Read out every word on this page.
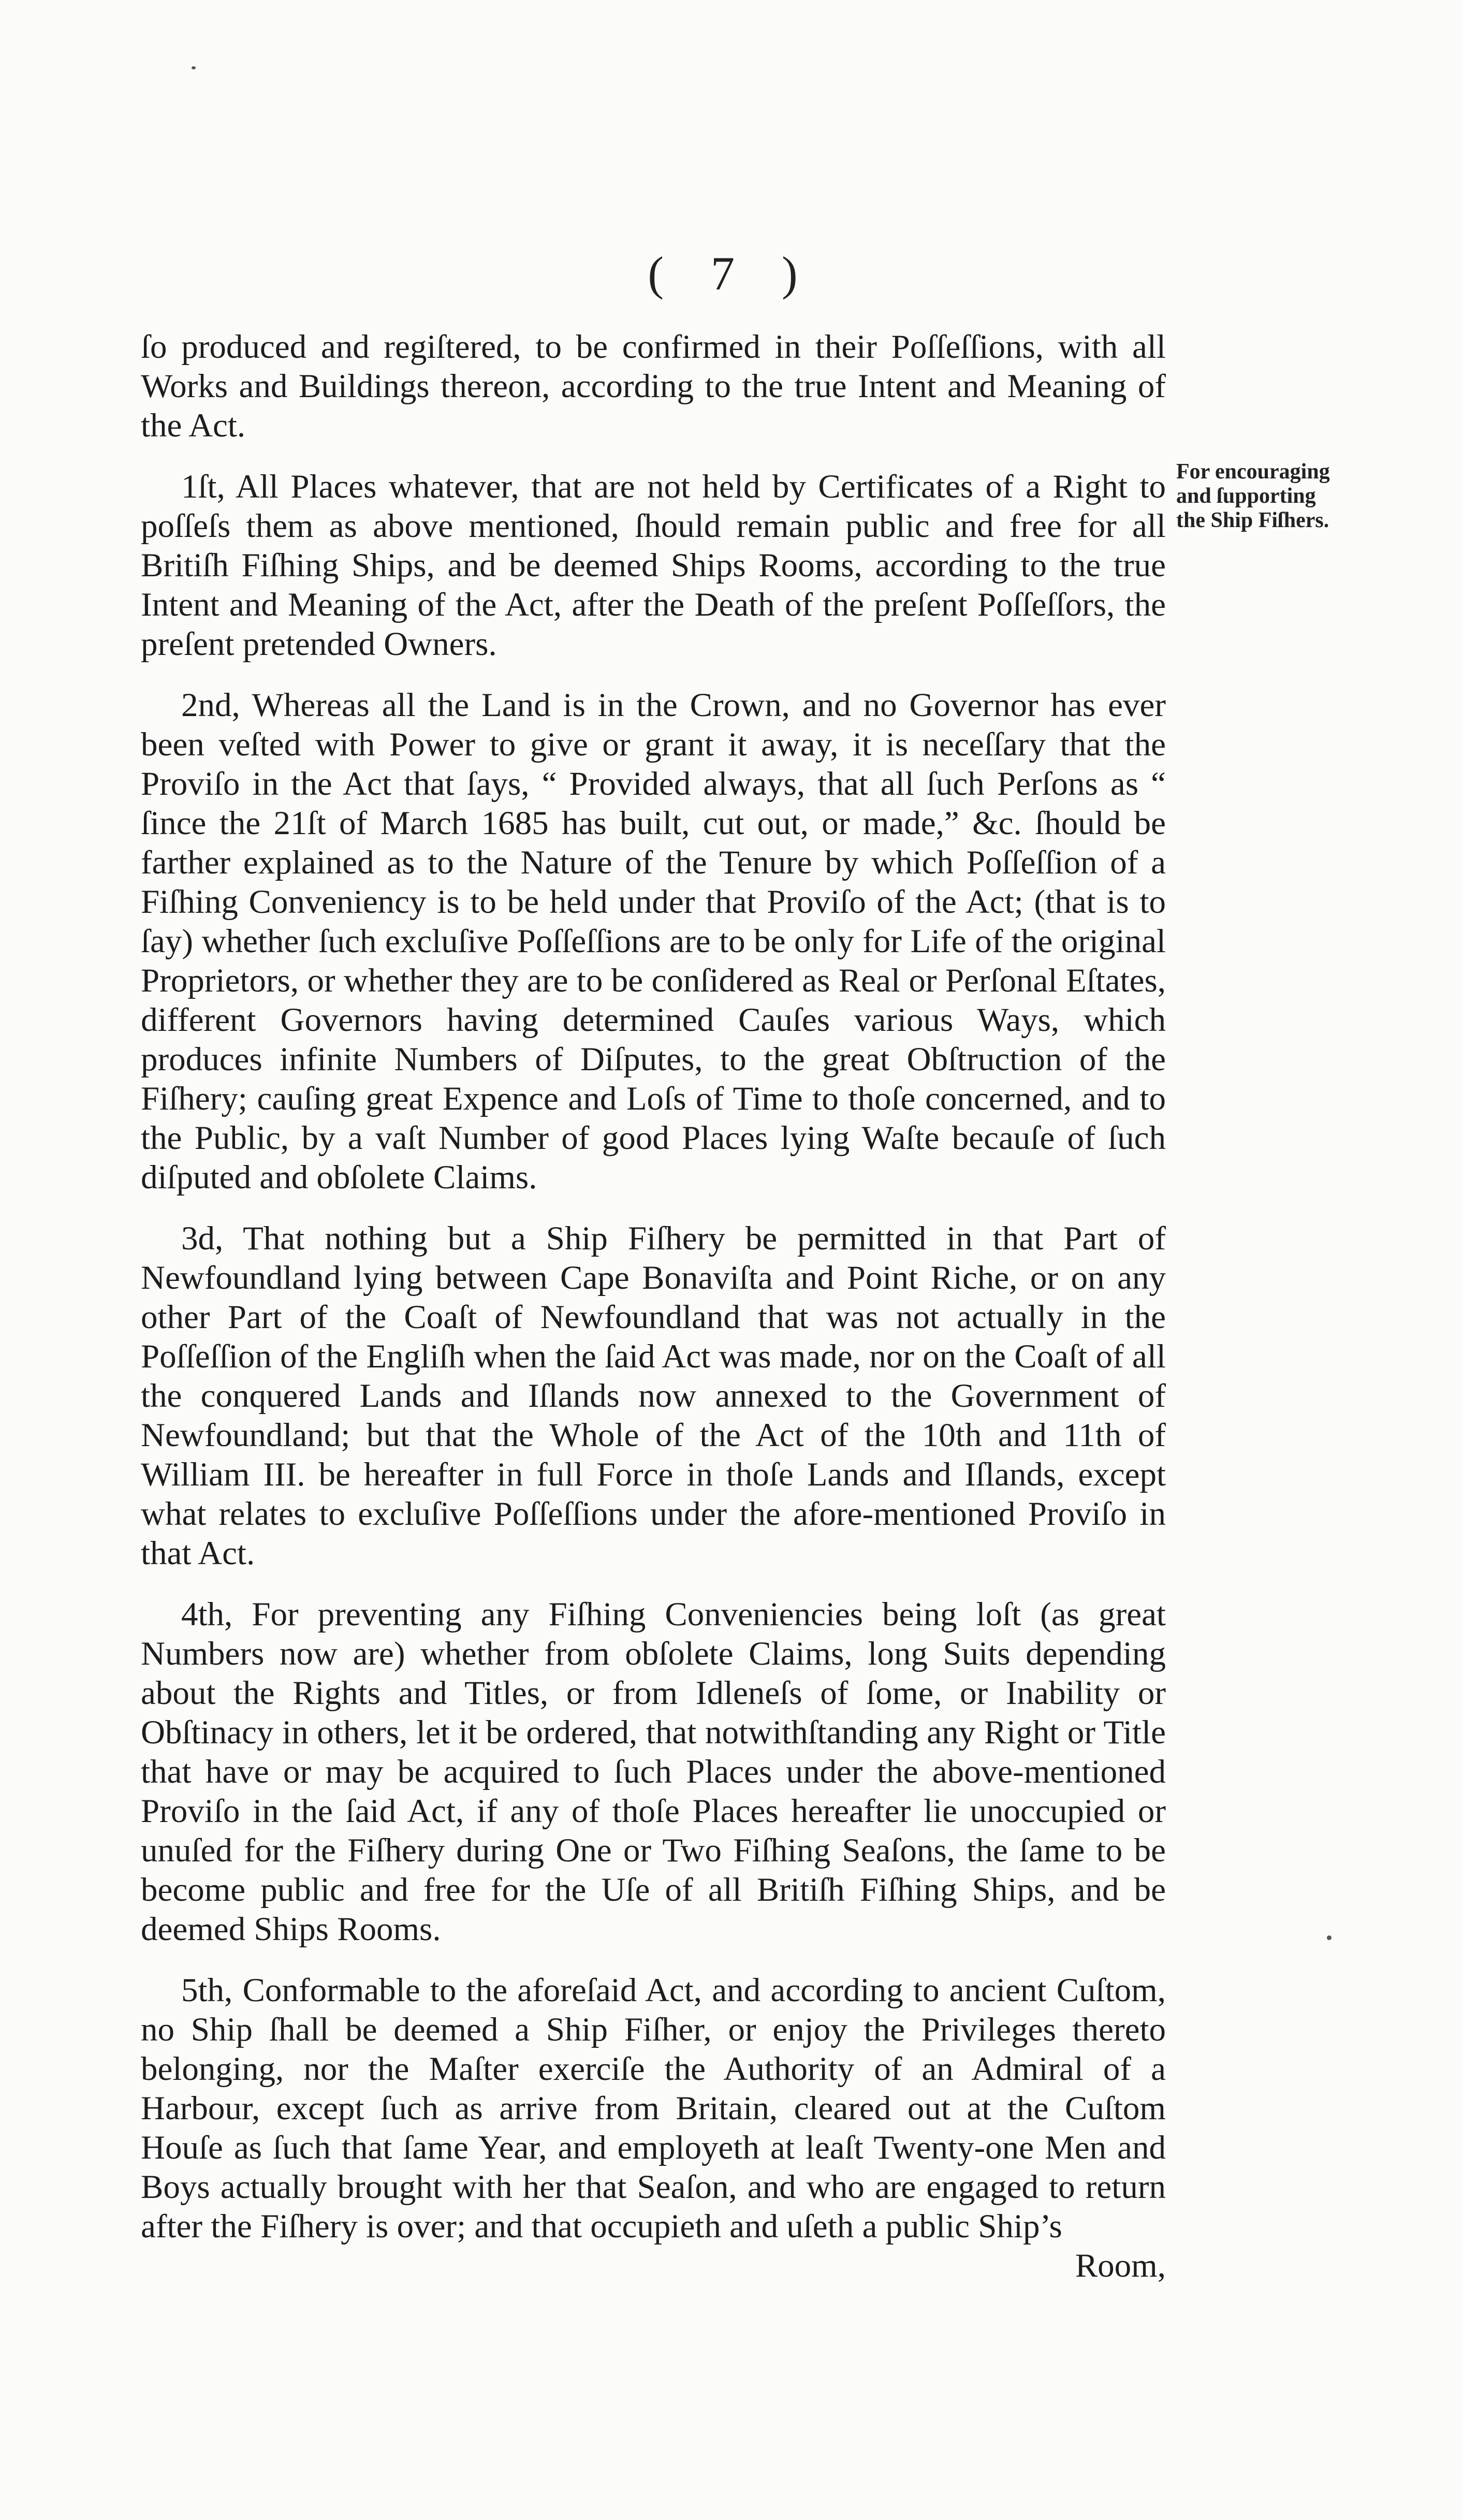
( 7 )
For encouraging and ſupporting the Ship Fiſhers.

ſo produced and regiſtered, to be confirmed in their Poſſeſſions, with all Works and Buildings thereon, according to the true Intent and Meaning of the Act.

1ſt, All Places whatever, that are not held by Certificates of a Right to poſſeſs them as above mentioned, ſhould remain public and free for all Britiſh Fiſhing Ships, and be deemed Ships Rooms, according to the true Intent and Meaning of the Act, after the Death of the preſent Poſſeſſors, the preſent pretended Owners.

2nd, Whereas all the Land is in the Crown, and no Governor has ever been veſted with Power to give or grant it away, it is neceſſary that the Proviſo in the Act that ſays, “ Provided always, that all ſuch Perſons as “ ſince the 21ſt of March 1685 has built, cut out, or made,” &c. ſhould be farther explained as to the Nature of the Tenure by which Poſſeſſion of a Fiſhing Conveniency is to be held under that Proviſo of the Act; (that is to ſay) whether ſuch excluſive Poſſeſſions are to be only for Life of the original Proprietors, or whether they are to be conſidered as Real or Perſonal Eſtates, different Governors having determined Cauſes various Ways, which produces infinite Numbers of Diſputes, to the great Obſtruction of the Fiſhery; cauſing great Expence and Loſs of Time to thoſe concerned, and to the Public, by a vaſt Number of good Places lying Waſte becauſe of ſuch diſputed and obſolete Claims.

3d, That nothing but a Ship Fiſhery be permitted in that Part of Newfoundland lying between Cape Bonaviſta and Point Riche, or on any other Part of the Coaſt of Newfoundland that was not actually in the Poſſeſſion of the Engliſh when the ſaid Act was made, nor on the Coaſt of all the conquered Lands and Iſlands now annexed to the Government of Newfoundland; but that the Whole of the Act of the 10th and 11th of William III. be hereafter in full Force in thoſe Lands and Iſlands, except what relates to excluſive Poſſeſſions under the afore-mentioned Proviſo in that Act.

4th, For preventing any Fiſhing Conveniencies being loſt (as great Numbers now are) whether from obſolete Claims, long Suits depending about the Rights and Titles, or from Idleneſs of ſome, or Inability or Obſtinacy in others, let it be ordered, that notwithſtanding any Right or Title that have or may be acquired to ſuch Places under the above-mentioned Proviſo in the ſaid Act, if any of thoſe Places hereafter lie unoccupied or unuſed for the Fiſhery during One or Two Fiſhing Seaſons, the ſame to be become public and free for the Uſe of all Britiſh Fiſhing Ships, and be deemed Ships Rooms.

5th, Conformable to the aforeſaid Act, and according to ancient Cuſtom, no Ship ſhall be deemed a Ship Fiſher, or enjoy the Privileges thereto belonging, nor the Maſter exerciſe the Authority of an Admiral of a Harbour, except ſuch as arrive from Britain, cleared out at the Cuſtom Houſe as ſuch that ſame Year, and employeth at leaſt Twenty-one Men and Boys actually brought with her that Seaſon, and who are engaged to return after the Fiſhery is over; and that occupieth and uſeth a public Ship’s

Room,
